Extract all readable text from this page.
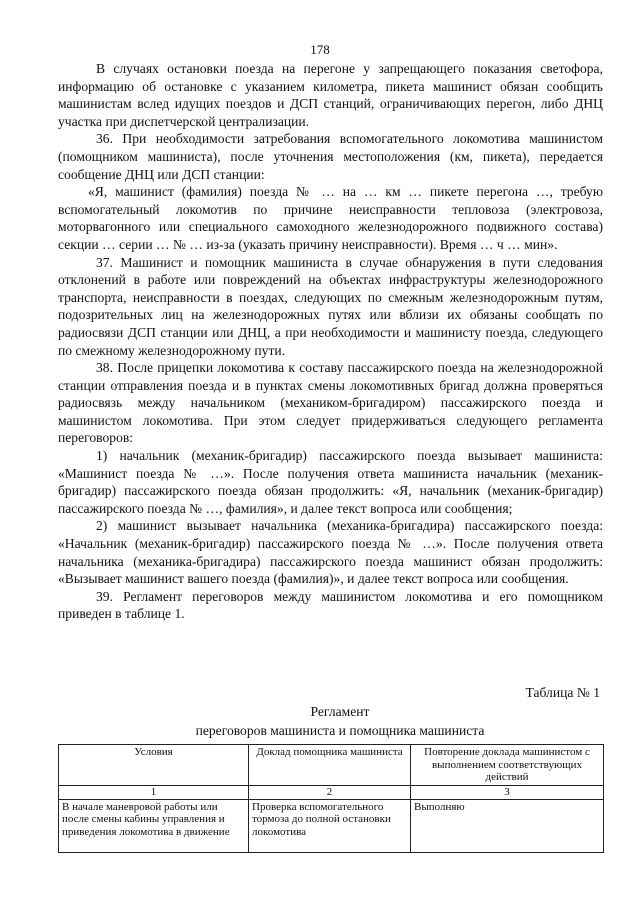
178

В случаях остановки поезда на перегоне у запрещающего показания светофора, информацию об остановке с указанием километра, пикета машинист обязан сообщить машинистам вслед идущих поездов и ДСП станций, ограничивающих перегон, либо ДНЦ участка при диспетчерской централизации.

36. При необходимости затребования вспомогательного локомотива машинистом (помощником машиниста), после уточнения местоположения (км, пикета), передается сообщение ДНЦ или ДСП станции:

«Я, машинист (фамилия) поезда № … на … км … пикете перегона …, требую вспомогательный локомотив по причине неисправности тепловоза (электровоза, моторвагонного или специального самоходного железнодорожного подвижного состава) секции … серии … № … из-за (указать причину неисправности). Время … ч … мин».

37. Машинист и помощник машиниста в случае обнаружения в пути следования отклонений в работе или повреждений на объектах инфраструктуры железнодорожного транспорта, неисправности в поездах, следующих по смежным железнодорожным путям, подозрительных лиц на железнодорожных путях или вблизи их обязаны сообщать по радиосвязи ДСП станции или ДНЦ, а при необходимости и машинисту поезда, следующего по смежному железнодорожному пути.

38. После прицепки локомотива к составу пассажирского поезда на железнодорожной станции отправления поезда и в пунктах смены локомотивных бригад должна проверяться радиосвязь между начальником (механиком-бригадиром) пассажирского поезда и машинистом локомотива. При этом следует придерживаться следующего регламента переговоров:

1) начальник (механик-бригадир) пассажирского поезда вызывает машиниста: «Машинист поезда № …». После получения ответа машиниста начальник (механик-бригадир) пассажирского поезда обязан продолжить: «Я, начальник (механик-бригадир) пассажирского поезда № …, фамилия», и далее текст вопроса или сообщения;

2) машинист вызывает начальника (механика-бригадира) пассажирского поезда: «Начальник (механик-бригадир) пассажирского поезда № …». После получения ответа начальника (механика-бригадира) пассажирского поезда машинист обязан продолжить: «Вызывает машинист вашего поезда (фамилия)», и далее текст вопроса или сообщения.

39. Регламент переговоров между машинистом локомотива и его помощником приведен в таблице 1.

Таблица № 1
Регламент
переговоров машиниста и помощника машиниста
Условия	Доклад помощника машиниста	Повторение доклада машинистом с выполнением соответствующих действий
1	2	3
В начале маневровой работы или после смены кабины управления и приведения локомотива в движение	Проверка вспомогательного тормоза до полной остановки локомотива	Выполняю
